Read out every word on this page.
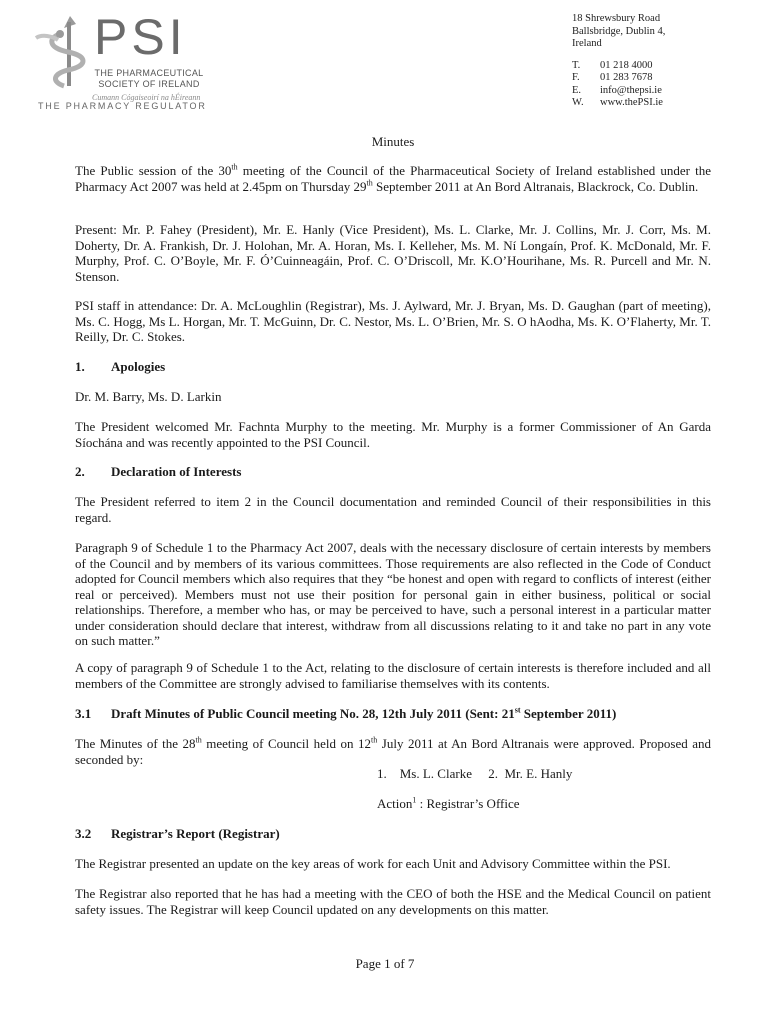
PSI
THE PHARMACEUTICAL
SOCIETY OF IRELAND
Cumann Cógaiseoirí na hÉireann
THE PHARMACY REGULATOR
18 Shrewsbury Road
Ballsbridge, Dublin 4,
Ireland
T.	01 218 4000
F.	01 283 7678
E.	info@thepsi.ie
W.	www.thePSI.ie
Minutes
The Public session of the 30th meeting of the Council of the Pharmaceutical Society of Ireland established under the Pharmacy Act 2007 was held at 2.45pm on Thursday 29th September 2011 at An Bord Altranais, Blackrock, Co. Dublin.
Present: Mr. P. Fahey (President), Mr. E. Hanly (Vice President), Ms. L. Clarke, Mr. J. Collins, Mr. J. Corr, Ms. M. Doherty, Dr. A. Frankish, Dr. J. Holohan, Mr. A. Horan, Ms. I. Kelleher, Ms. M. Ní Longaín, Prof. K. McDonald, Mr. F. Murphy, Prof. C. O’Boyle, Mr. F. Ó’Cuinneagáin, Prof. C. O’Driscoll, Mr. K.O’Hourihane, Ms. R. Purcell and Mr. N. Stenson.
PSI staff in attendance: Dr. A. McLoughlin (Registrar), Ms. J. Aylward, Mr. J. Bryan, Ms. D. Gaughan (part of meeting), Ms. C. Hogg, Ms L. Horgan, Mr. T. McGuinn, Dr. C. Nestor, Ms. L. O’Brien, Mr. S. O hAodha, Ms. K. O’Flaherty, Mr. T. Reilly, Dr. C. Stokes.
1. Apologies
Dr. M. Barry, Ms. D. Larkin
The President welcomed Mr. Fachnta Murphy to the meeting. Mr. Murphy is a former Commissioner of An Garda Síochána and was recently appointed to the PSI Council.
2. Declaration of Interests
The President referred to item 2 in the Council documentation and reminded Council of their responsibilities in this regard.
Paragraph 9 of Schedule 1 to the Pharmacy Act 2007, deals with the necessary disclosure of certain interests by members of the Council and by members of its various committees. Those requirements are also reflected in the Code of Conduct adopted for Council members which also requires that they “be honest and open with regard to conflicts of interest (either real or perceived). Members must not use their position for personal gain in either business, political or social relationships. Therefore, a member who has, or may be perceived to have, such a personal interest in a particular matter under consideration should declare that interest, withdraw from all discussions relating to it and take no part in any vote on such matter.”
A copy of paragraph 9 of Schedule 1 to the Act, relating to the disclosure of certain interests is therefore included and all members of the Committee are strongly advised to familiarise themselves with its contents.
3.1 Draft Minutes of Public Council meeting No. 28, 12th July 2011 (Sent: 21st September 2011)
The Minutes of the 28th meeting of Council held on 12th July 2011 at An Bord Altranais were approved. Proposed and seconded by:
1.    Ms. L. Clarke     2.  Mr. E. Hanly
Action$^1$ : Registrar’s Office
3.2 Registrar’s Report (Registrar)
The Registrar presented an update on the key areas of work for each Unit and Advisory Committee within the PSI.
The Registrar also reported that he has had a meeting with the CEO of both the HSE and the Medical Council on patient safety issues. The Registrar will keep Council updated on any developments on this matter.
Page 1 of 7
